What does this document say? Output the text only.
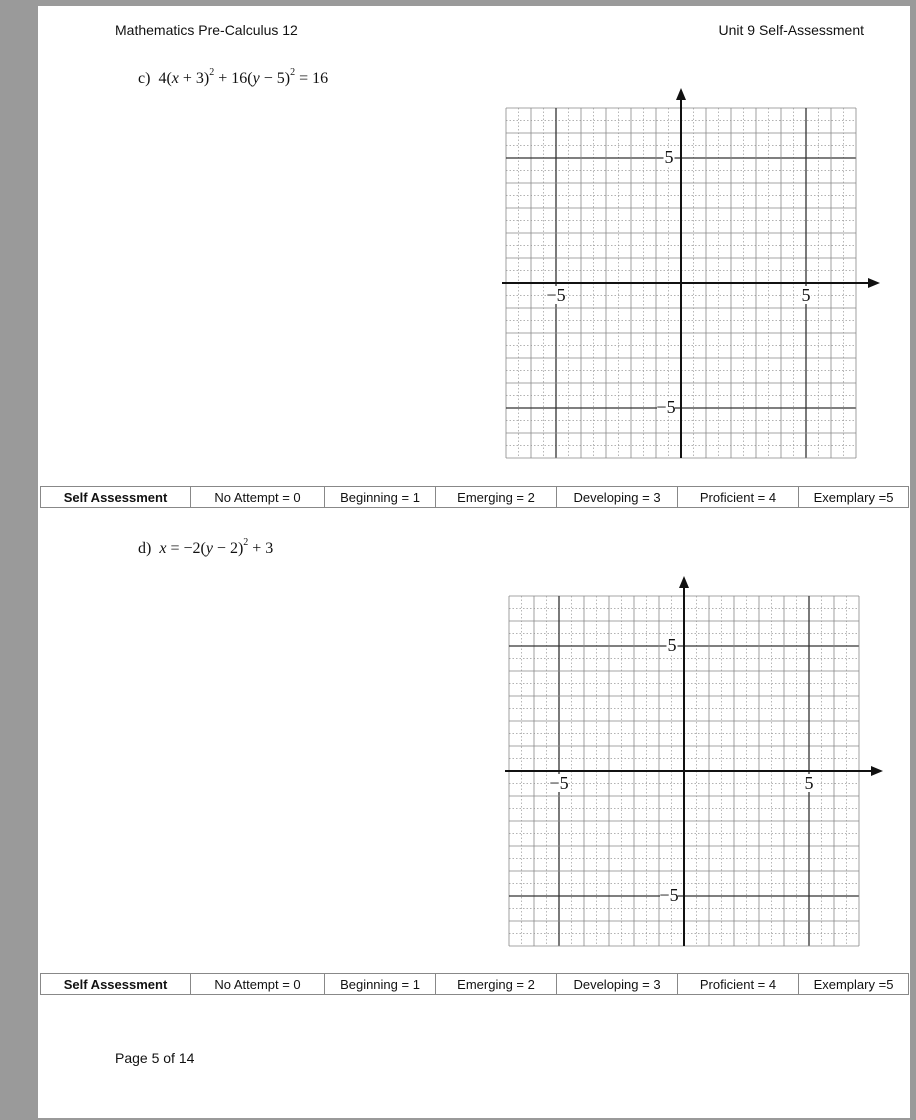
Mathematics Pre-Calculus 12	Unit 9 Self-Assessment
c) $4(x + 3)^2 + 16(y - 5)^2 = 16$
5
−5
−5	5
Self Assessment	No Attempt = 0	Beginning = 1	Emerging = 2	Developing = 3	Proficient = 4	Exemplary =5
d) $x = -2(y - 2)^2 + 3$
5
−5
−5	5
Self Assessment	No Attempt = 0	Beginning = 1	Emerging = 2	Developing = 3	Proficient = 4	Exemplary =5
Page 5 of 14
